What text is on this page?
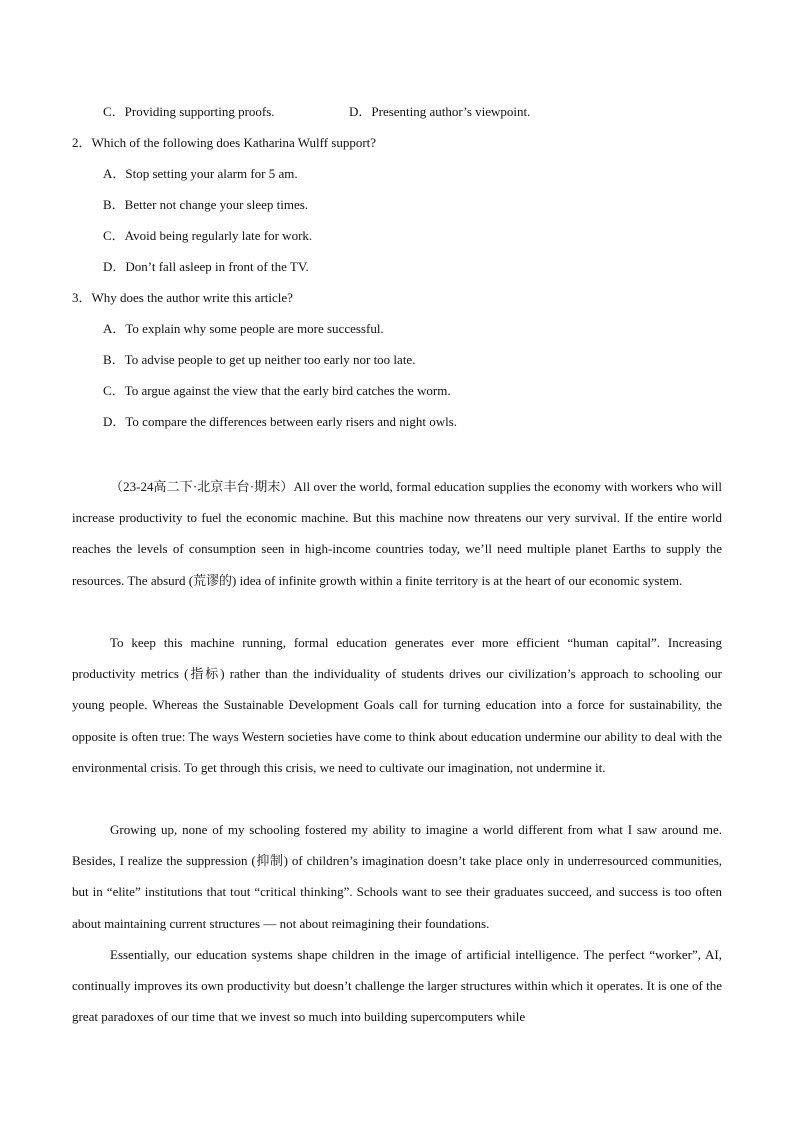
C．Providing supporting proofs.	D．Presenting author’s viewpoint.
2．Which of the following does Katharina Wulff support?
A．Stop setting your alarm for 5 am.
B．Better not change your sleep times.
C．Avoid being regularly late for work.
D．Don’t fall asleep in front of the TV.
3．Why does the author write this article?
A．To explain why some people are more successful.
B．To advise people to get up neither too early nor too late.
C．To argue against the view that the early bird catches the worm.
D．To compare the differences between early risers and night owls.

（23-24高二下·北京丰台·期末）All over the world, formal education supplies the economy with workers who will increase productivity to fuel the economic machine. But this machine now threatens our very survival. If the entire world reaches the levels of consumption seen in high-income countries today, we’ll need multiple planet Earths to supply the resources. The absurd (荒谬的) idea of infinite growth within a finite territory is at the heart of our economic system.

To keep this machine running, formal education generates ever more efficient “human capital”. Increasing productivity metrics (指标) rather than the individuality of students drives our civilization’s approach to schooling our young people. Whereas the Sustainable Development Goals call for turning education into a force for sustainability, the opposite is often true: The ways Western societies have come to think about education undermine our ability to deal with the environmental crisis. To get through this crisis, we need to cultivate our imagination, not undermine it.

Growing up, none of my schooling fostered my ability to imagine a world different from what I saw around me. Besides, I realize the suppression (抑制) of children’s imagination doesn’t take place only in underresourced communities, but in “elite” institutions that tout “critical thinking”. Schools want to see their graduates succeed, and success is too often about maintaining current structures — not about reimagining their foundations.

Essentially, our education systems shape children in the image of artificial intelligence. The perfect “worker”, AI, continually improves its own productivity but doesn’t challenge the larger structures within which it operates. It is one of the great paradoxes of our time that we invest so much into building supercomputers while
